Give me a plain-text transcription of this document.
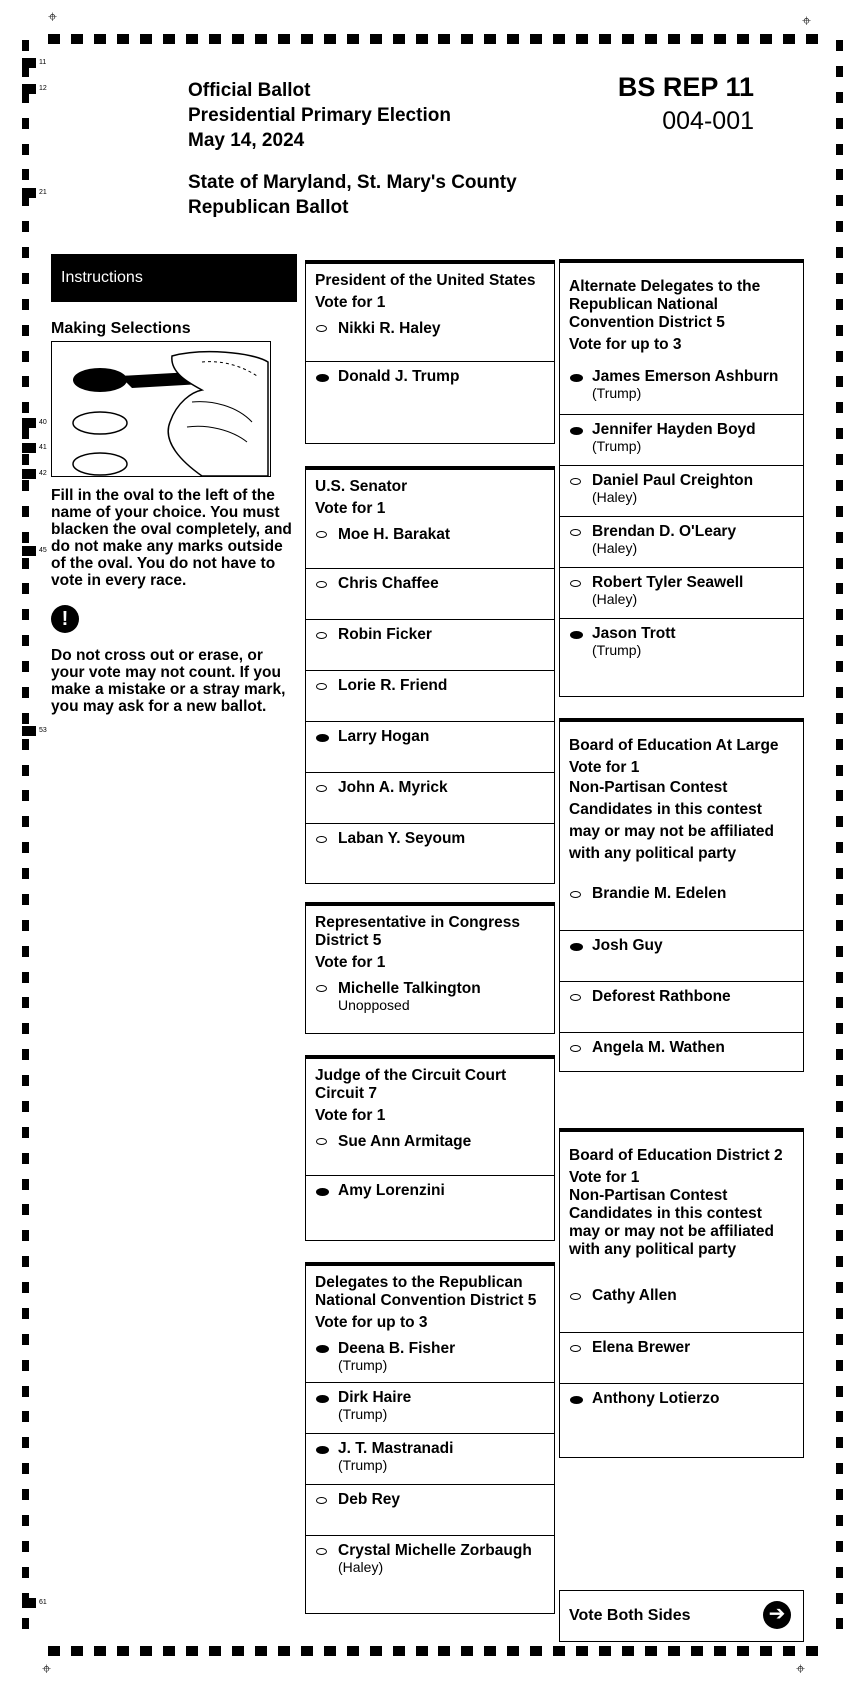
11
12
21
40
41
42
45
53
61
⌖	⌖
⌖	⌖
Official Ballot
Presidential Primary Election
May 14, 2024
State of Maryland, St. Mary's County
Republican Ballot
BS REP 11
004-001
Instructions
Making Selections
Fill in the oval to the left of the name of your choice. You must blacken the oval completely, and do not make any marks outside of the oval. You do not have to vote in every race.
!
Do not cross out or erase, or your vote may not count. If you make a mistake or a stray mark, you may ask for a new ballot.
President of the United States
Vote for 1
Nikki R. Haley
Donald J. Trump
U.S. Senator
Vote for 1
Moe H. Barakat
Chris Chaffee
Robin Ficker
Lorie R. Friend
Larry Hogan
John A. Myrick
Laban Y. Seyoum
Representative in Congress District 5
Vote for 1
Michelle Talkington
Unopposed
Judge of the Circuit Court Circuit 7
Vote for 1
Sue Ann Armitage
Amy Lorenzini
Delegates to the Republican National Convention District 5
Vote for up to 3
Deena B. Fisher
(Trump)
Dirk Haire
(Trump)
J. T. Mastranadi
(Trump)
Deb Rey
Crystal Michelle Zorbaugh
(Haley)
Alternate Delegates to the Republican National Convention District 5
Vote for up to 3
James Emerson Ashburn
(Trump)
Jennifer Hayden Boyd
(Trump)
Daniel Paul Creighton
(Haley)
Brendan D. O'Leary
(Haley)
Robert Tyler Seawell
(Haley)
Jason Trott
(Trump)
Board of Education At Large
Vote for 1
Non-Partisan Contest Candidates in this contest may or may not be affiliated with any political party
Brandie M. Edelen
Josh Guy
Deforest Rathbone
Angela M. Wathen
Board of Education District 2
Vote for 1
Non-Partisan Contest Candidates in this contest may or may not be affiliated with any political party
Cathy Allen
Elena Brewer
Anthony Lotierzo
Vote Both Sides	➔
